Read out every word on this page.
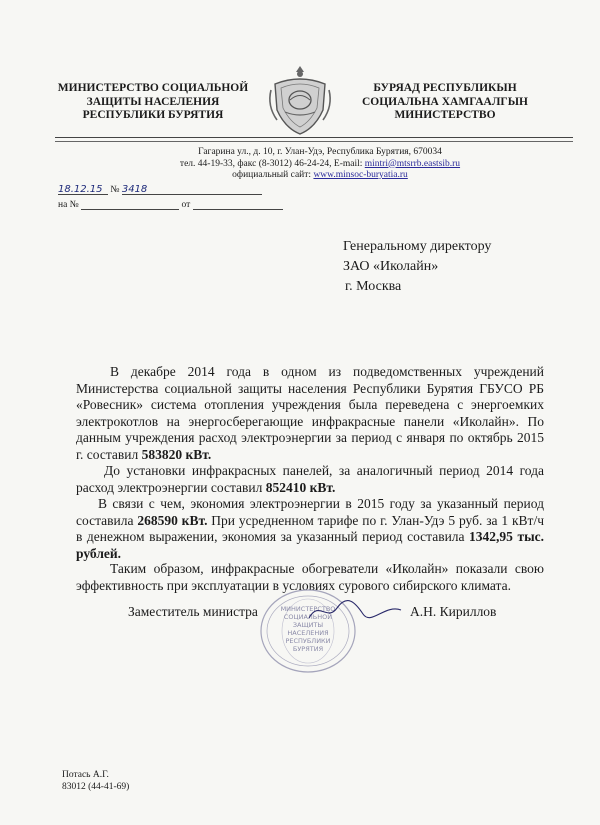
МИНИСТЕРСТВО СОЦИАЛЬНОЙ
ЗАЩИТЫ НАСЕЛЕНИЯ
РЕСПУБЛИКИ БУРЯТИЯ
БУРЯАД РЕСПУБЛИКЫН
СОЦИАЛЬНА ХАМГААЛГЫН
МИНИСТЕРСТВО
Гагарина ул., д. 10, г. Улан-Удэ, Республика Бурятия, 670034
тел. 44-19-33, факс (8-3012) 46-24-24, E-mail: mintri@mtsrrb.eastsib.ru
официальный сайт: www.minsoc-buryatia.ru
18.12.15 № 3418
на №	от
Генеральному директору
ЗАО «Иколайн»
г. Москва

В декабре 2014 года в одном из подведомственных учреждений Министерства социальной защиты населения Республики Бурятия ГБУСО РБ «Ровесник» система отопления учреждения была переведена с энергоемких электрокотлов на энергосберегающие инфракрасные панели «Иколайн». По данным учреждения расход электроэнергии за период с января по октябрь 2015 г. составил 583820 кВт.

До установки инфракрасных панелей, за аналогичный период 2014 года расход электроэнергии составил 852410 кВт.

В связи с чем, экономия электроэнергии в 2015 году за указанный период составила 268590 кВт. При усредненном тарифе по г. Улан-Удэ 5 руб. за 1 кВт/ч в денежном выражении, экономия за указанный период составила 1342,95 тыс. рублей.

Таким образом, инфракрасные обогреватели «Иколайн» показали свою эффективность при эксплуатации в условиях сурового сибирского климата.

МИНИСТЕРСТВО
СОЦИАЛЬНОЙ
ЗАЩИТЫ
НАСЕЛЕНИЯ
РЕСПУБЛИКИ
БУРЯТИЯ
Заместитель министра	А.Н. Кириллов
Потась А.Г.
83012 (44-41-69)
